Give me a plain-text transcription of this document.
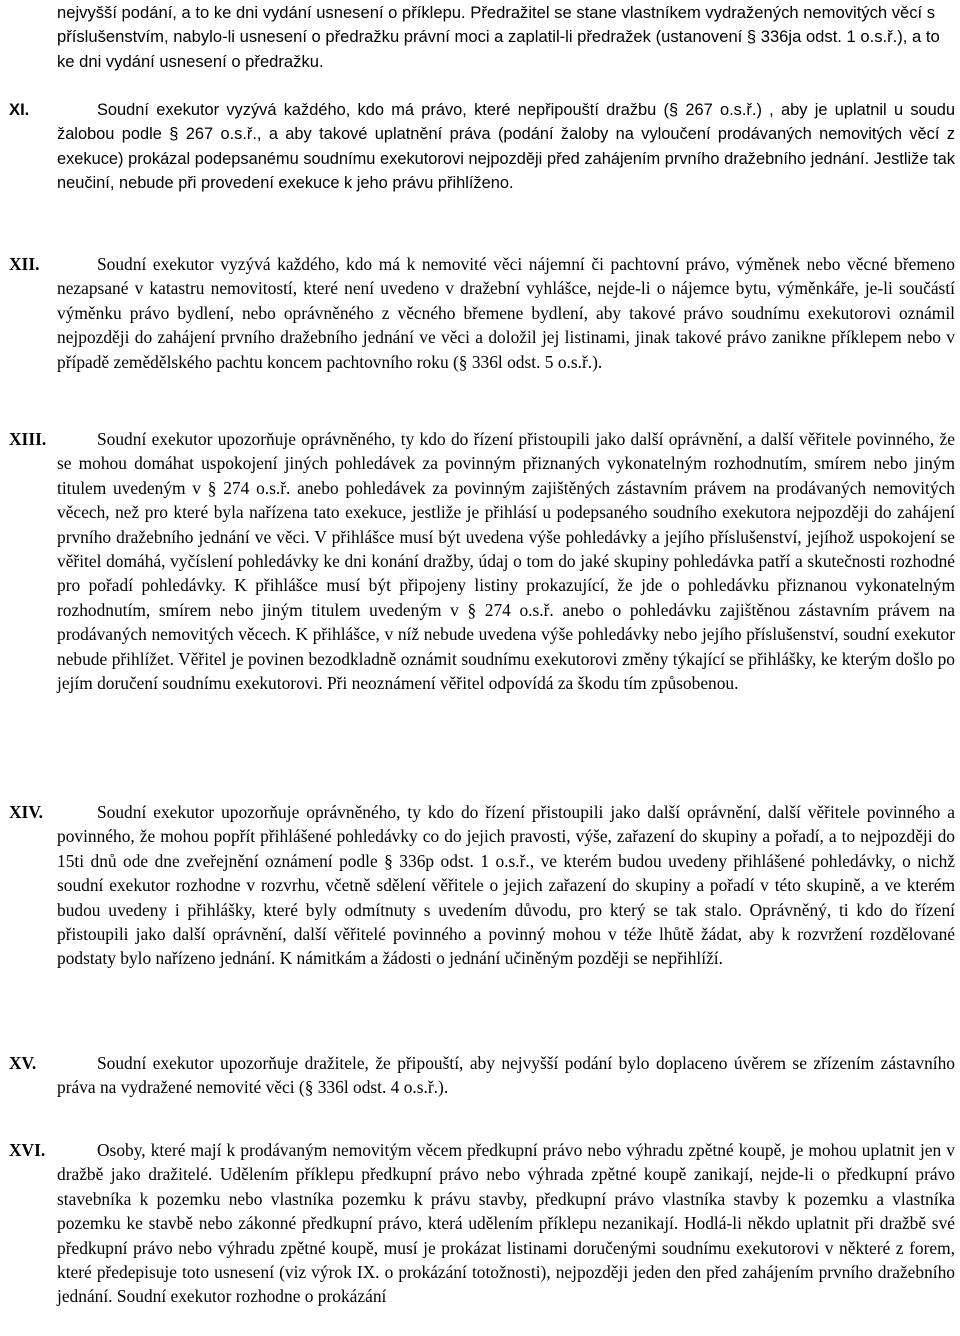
nejvyšší podání, a to ke dni vydání usnesení o příklepu. Předražitel se stane vlastníkem vydražených nemovitých věcí s příslušenstvím, nabylo-li usnesení o předražku právní moci a zaplatil-li předražek (ustanovení § 336ja odst. 1 o.s.ř.), a to ke dni vydání usnesení o předražku.
XI.	Soudní exekutor vyzývá každého, kdo má právo, které nepřipouští dražbu (§ 267 o.s.ř.) , aby je uplatnil u soudu žalobou podle § 267 o.s.ř., a aby takové uplatnění práva (podání žaloby na vyloučení prodávaných nemovitých věcí z exekuce) prokázal podepsanému soudnímu exekutorovi nejpozději před zahájením prvního dražebního jednání. Jestliže tak neučiní, nebude při provedení exekuce k jeho právu přihlíženo.
XII.	Soudní exekutor vyzývá každého, kdo má k nemovité věci nájemní či pachtovní právo, výměnek nebo věcné břemeno nezapsané v katastru nemovitostí, které není uvedeno v dražební vyhlášce, nejde-li o nájemce bytu, výměnkáře, je-li součástí výměnku právo bydlení, nebo oprávněného z věcného břemene bydlení, aby takové právo soudnímu exekutorovi oznámil nejpozději do zahájení prvního dražebního jednání ve věci a doložil jej listinami, jinak takové právo zanikne příklepem nebo v případě zemědělského pachtu koncem pachtovního roku (§ 336l odst. 5 o.s.ř.).
XIII.	Soudní exekutor upozorňuje oprávněného, ty kdo do řízení přistoupili jako další oprávnění, a další věřitele povinného, že se mohou domáhat uspokojení jiných pohledávek za povinným přiznaných vykonatelným rozhodnutím, smírem nebo jiným titulem uvedeným v § 274 o.s.ř. anebo pohledávek za povinným zajištěných zástavním právem na prodávaných nemovitých věcech, než pro které byla nařízena tato exekuce, jestliže je přihlásí u podepsaného soudního exekutora nejpozději do zahájení prvního dražebního jednání ve věci. V přihlášce musí být uvedena výše pohledávky a jejího příslušenství, jejíhož uspokojení se věřitel domáhá, vyčíslení pohledávky ke dni konání dražby, údaj o tom do jaké skupiny pohledávka patří a skutečnosti rozhodné pro pořadí pohledávky. K přihlášce musí být připojeny listiny prokazující, že jde o pohledávku přiznanou vykonatelným rozhodnutím, smírem nebo jiným titulem uvedeným v § 274 o.s.ř. anebo o pohledávku zajištěnou zástavním právem na prodávaných nemovitých věcech. K přihlášce, v níž nebude uvedena výše pohledávky nebo jejího příslušenství, soudní exekutor nebude přihlížet. Věřitel je povinen bezodkladně oznámit soudnímu exekutorovi změny týkající se přihlášky, ke kterým došlo po jejím doručení soudnímu exekutorovi. Při neoznámení věřitel odpovídá za škodu tím způsobenou.
XIV.	Soudní exekutor upozorňuje oprávněného, ty kdo do řízení přistoupili jako další oprávnění, další věřitele povinného a povinného, že mohou popřít přihlášené pohledávky co do jejich pravosti, výše, zařazení do skupiny a pořadí, a to nejpozději do 15ti dnů ode dne zveřejnění oznámení podle § 336p odst. 1 o.s.ř., ve kterém budou uvedeny přihlášené pohledávky, o nichž soudní exekutor rozhodne v rozvrhu, včetně sdělení věřitele o jejich zařazení do skupiny a pořadí v této skupině, a ve kterém budou uvedeny i přihlášky, které byly odmítnuty s uvedením důvodu, pro který se tak stalo. Oprávněný, ti kdo do řízení přistoupili jako další oprávnění, další věřitelé povinného a povinný mohou v téže lhůtě žádat, aby k rozvržení rozdělované podstaty bylo nařízeno jednání. K námitkám a žádosti o jednání učiněným později se nepřihlíží.
XV.	Soudní exekutor upozorňuje dražitele, že připouští, aby nejvyšší podání bylo doplaceno úvěrem se zřízením zástavního práva na vydražené nemovité věci (§ 336l odst. 4 o.s.ř.).
XVI.	Osoby, které mají k prodávaným nemovitým věcem předkupní právo nebo výhradu zpětné koupě, je mohou uplatnit jen v dražbě jako dražitelé. Udělením příklepu předkupní právo nebo výhrada zpětné koupě zanikají, nejde-li o předkupní právo stavebníka k pozemku nebo vlastníka pozemku k právu stavby, předkupní právo vlastníka stavby k pozemku a vlastníka pozemku ke stavbě nebo zákonné předkupní právo, která udělením příklepu nezanikají. Hodlá-li někdo uplatnit při dražbě své předkupní právo nebo výhradu zpětné koupě, musí je prokázat listinami doručenými soudnímu exekutorovi v některé z forem, které předepisuje toto usnesení (viz výrok IX. o prokázání totožnosti), nejpozději jeden den před zahájením prvního dražebního jednání. Soudní exekutor rozhodne o prokázání
